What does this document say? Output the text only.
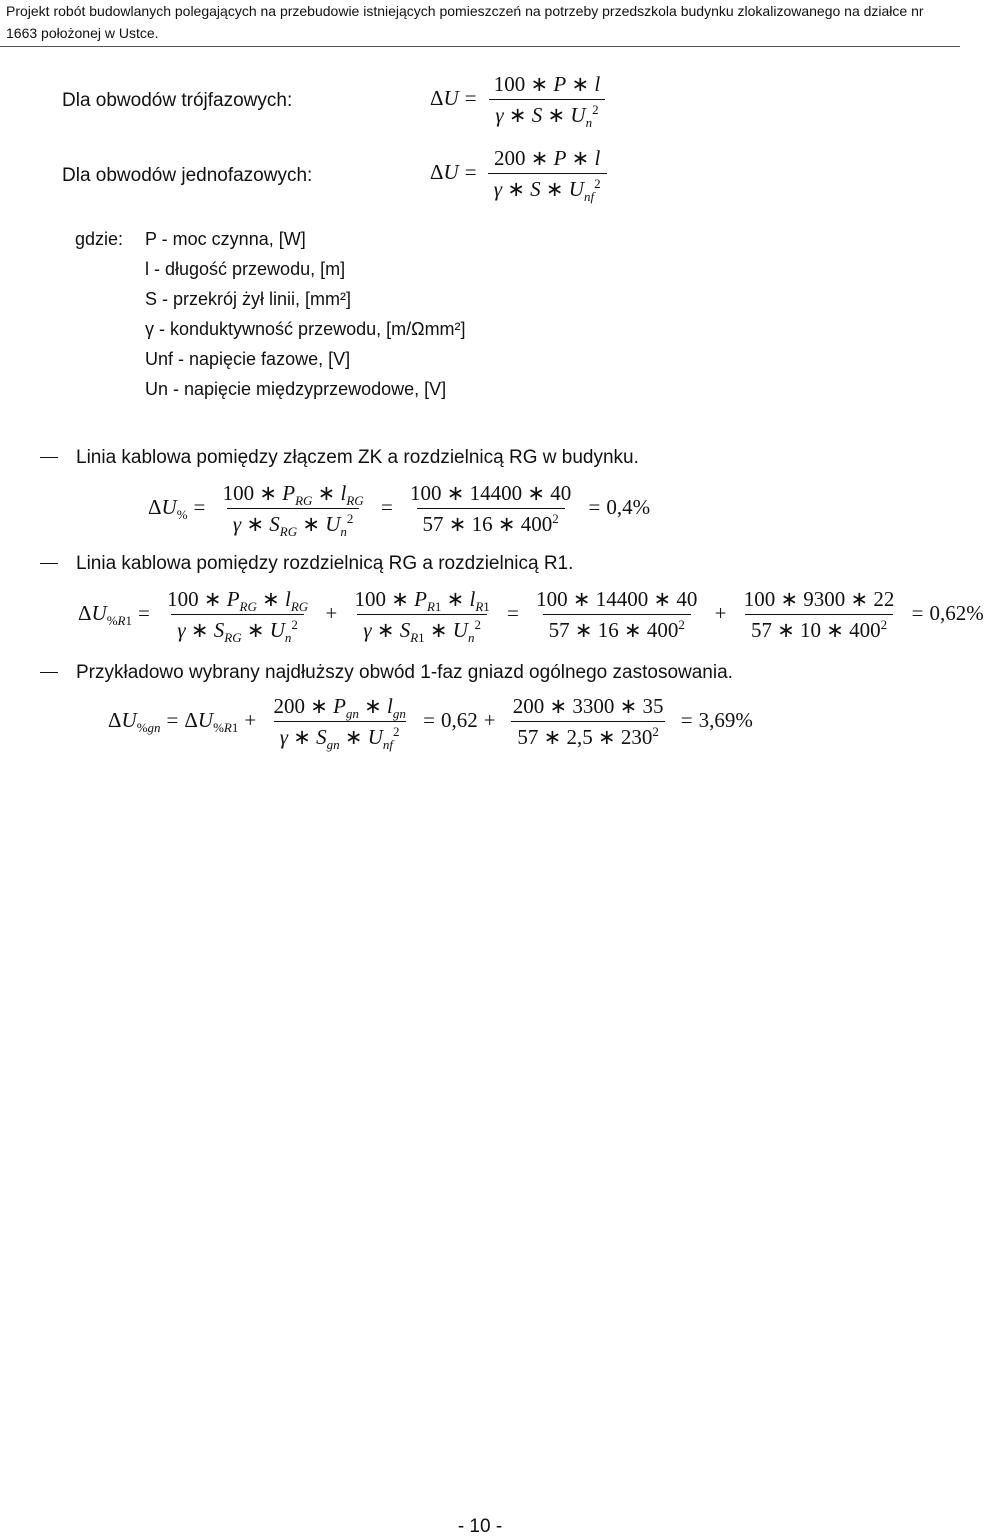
Projekt robót budowlanych polegających na przebudowie istniejących pomieszczeń na potrzeby przedszkola budynku zlokalizowanego na działce nr 1663 położonej w Ustce.
Dla obwodów trójfazowych:	$\Delta U = \frac{100 ∗ P ∗ l}{\gamma ∗ S ∗ U_n^2}$
Dla obwodów jednofazowych:	$\Delta U = \frac{200 ∗ P ∗ l}{\gamma ∗ S ∗ U_{nf}^2}$
gdzie: P - moc czynna, [W]
l - długość przewodu, [m]
S - przekrój żył linii, [mm²]
γ - konduktywność przewodu, [m/Ωmm²]
Unf - napięcie fazowe, [V]
Un - napięcie międzyprzewodowe, [V]
Linia kablowa pomiędzy złączem ZK a rozdzielnicą RG w budynku.
$\Delta U_{\%} = \frac{100 ∗ P_{RG} ∗ l_{RG}}{\gamma ∗ S_{RG} ∗ U_n^2} = \frac{100 ∗ 14400 ∗ 40}{57 ∗ 16 ∗ 400^2} = 0,4\%$
Linia kablowa pomiędzy rozdzielnicą RG a rozdzielnicą R1.
$\Delta U_{\%R1} = \frac{100 ∗ P_{RG} ∗ l_{RG}}{\gamma ∗ S_{RG} ∗ U_n^2} + \frac{100 ∗ P_{R1} ∗ l_{R1}}{\gamma ∗ S_{R1} ∗ U_n^2} = \frac{100 ∗ 14400 ∗ 40}{57 ∗ 16 ∗ 400^2} + \frac{100 ∗ 9300 ∗ 22}{57 ∗ 10 ∗ 400^2} = 0,62\%$
Przykładowo wybrany najdłuższy obwód 1-faz gniazd ogólnego zastosowania.
$\Delta U_{\%gn} = \Delta U_{\%R1} + \frac{200 ∗ P_{gn} ∗ l_{gn}}{\gamma ∗ S_{gn} ∗ U_{nf}^2} = 0,62 + \frac{200 ∗ 3300 ∗ 35}{57 ∗ 2,5 ∗ 230^2} = 3,69\%$
- 10 -
